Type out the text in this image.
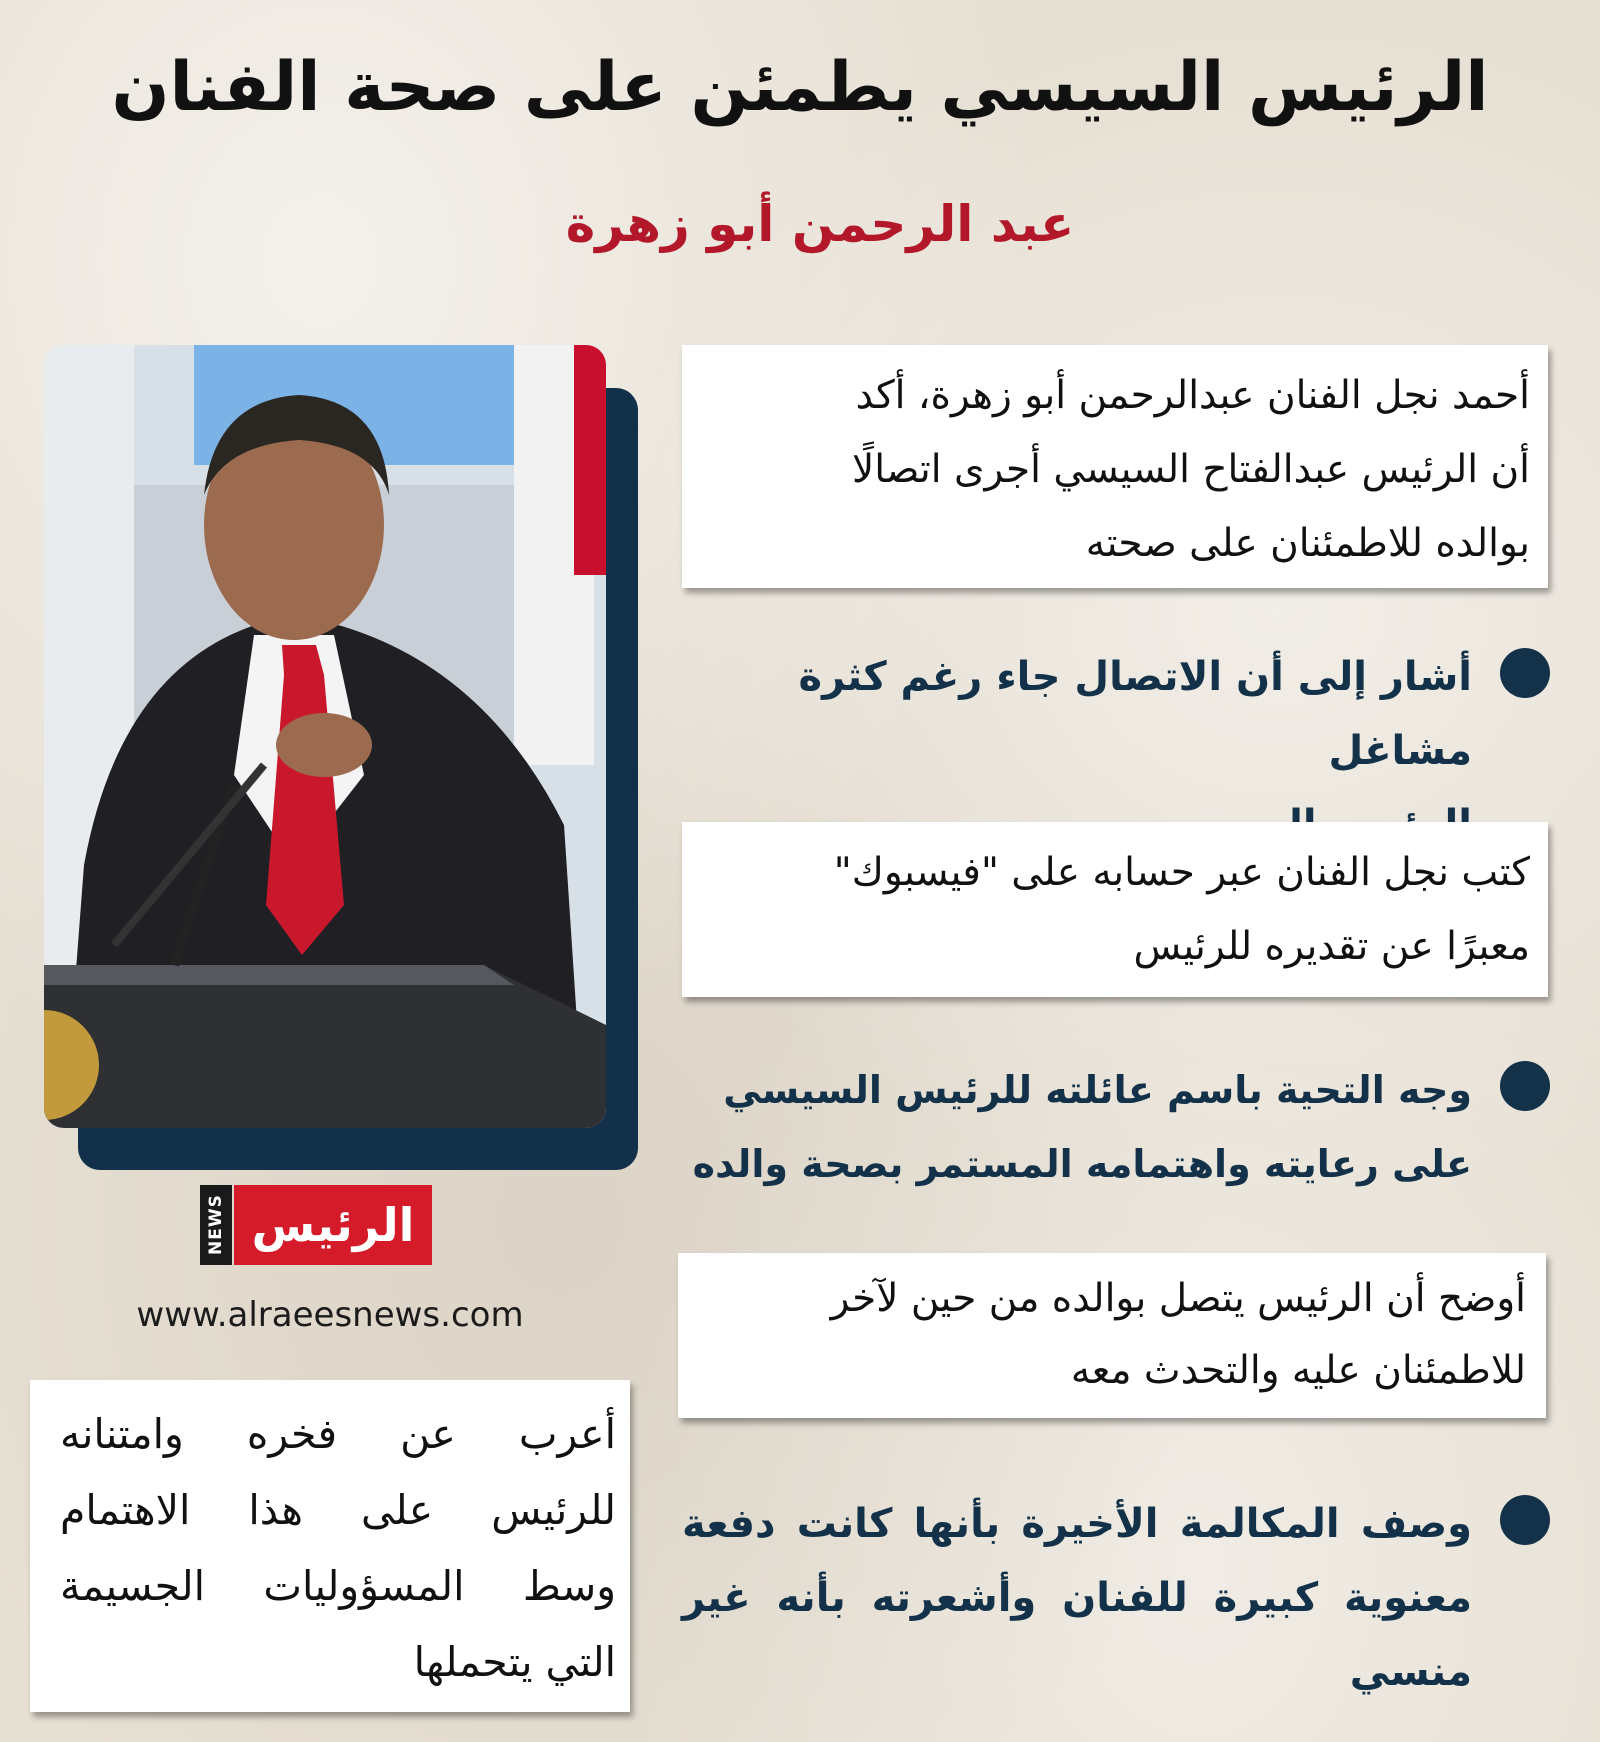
الرئيس السيسي يطمئن على صحة الفنان
عبد الرحمن أبو زهرة
NEWS الرئيس
www.alraeesnews.com

أعرب عن فخره وامتنانه

للرئيس على هذا الاهتمام

وسط المسؤوليات الجسيمة

التي يتحملها

أحمد نجل الفنان عبدالرحمن أبو زهرة، أكد

أن الرئيس عبدالفتاح السيسي أجرى اتصالًا

بوالده للاطمئنان على صحته

أشار إلى أن الاتصال جاء رغم كثرة مشاغل

كتب نجل الفنان عبر حسابه على "فيسبوك"

معبرًا عن تقديره للرئيس

وجه التحية باسم عائلته للرئيس السيسي
على رعايته واهتمامه المستمر بصحة والده

أوضح أن الرئيس يتصل بوالده من حين لآخر

للاطمئنان عليه والتحدث معه

وصف المكالمة الأخيرة بأنها كانت دفعة
معنوية كبيرة للفنان وأشعرته بأنه غير
منسي
